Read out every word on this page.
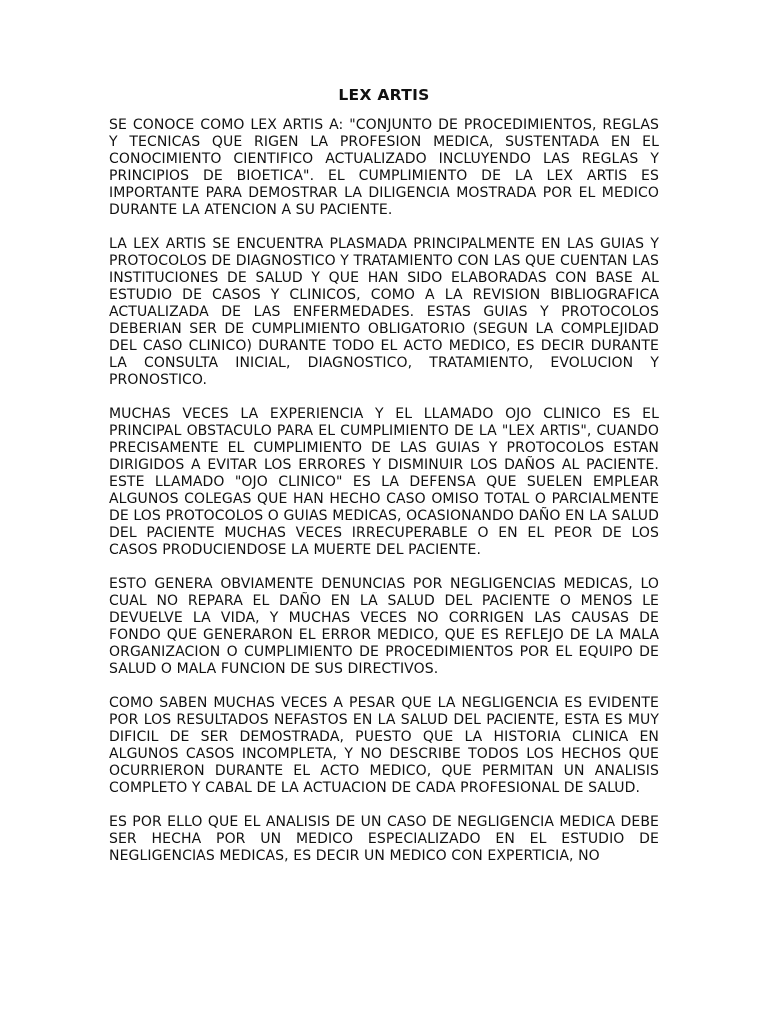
LEX ARTIS

SE CONOCE COMO LEX ARTIS A: "CONJUNTO DE PROCEDIMIENTOS, REGLAS Y TECNICAS QUE RIGEN LA PROFESION MEDICA, SUSTENTADA EN EL CONOCIMIENTO CIENTIFICO ACTUALIZADO INCLUYENDO LAS REGLAS Y PRINCIPIOS DE BIOETICA". EL CUMPLIMIENTO DE LA LEX ARTIS ES IMPORTANTE PARA DEMOSTRAR LA DILIGENCIA MOSTRADA POR EL MEDICO DURANTE LA ATENCION A SU PACIENTE.

LA LEX ARTIS SE ENCUENTRA PLASMADA PRINCIPALMENTE EN LAS GUIAS Y PROTOCOLOS DE DIAGNOSTICO Y TRATAMIENTO CON LAS QUE CUENTAN LAS INSTITUCIONES DE SALUD Y QUE HAN SIDO ELABORADAS CON BASE AL ESTUDIO DE CASOS Y CLINICOS, COMO A LA REVISION BIBLIOGRAFICA ACTUALIZADA DE LAS ENFERMEDADES. ESTAS GUIAS Y PROTOCOLOS DEBERIAN SER DE CUMPLIMIENTO OBLIGATORIO (SEGUN LA COMPLEJIDAD DEL CASO CLINICO) DURANTE TODO EL ACTO MEDICO, ES DECIR DURANTE LA CONSULTA INICIAL, DIAGNOSTICO, TRATAMIENTO, EVOLUCION Y PRONOSTICO.

MUCHAS VECES LA EXPERIENCIA Y EL LLAMADO OJO CLINICO ES EL PRINCIPAL OBSTACULO PARA EL CUMPLIMIENTO DE LA "LEX ARTIS", CUANDO PRECISAMENTE EL CUMPLIMIENTO DE LAS GUIAS Y PROTOCOLOS ESTAN DIRIGIDOS A EVITAR LOS ERRORES Y DISMINUIR LOS DAÑOS AL PACIENTE. ESTE LLAMADO "OJO CLINICO" ES LA DEFENSA QUE SUELEN EMPLEAR ALGUNOS COLEGAS QUE HAN HECHO CASO OMISO TOTAL O PARCIALMENTE DE LOS PROTOCOLOS O GUIAS MEDICAS, OCASIONANDO DAÑO EN LA SALUD DEL PACIENTE MUCHAS VECES IRRECUPERABLE O EN EL PEOR DE LOS CASOS PRODUCIENDOSE LA MUERTE DEL PACIENTE.

ESTO GENERA OBVIAMENTE DENUNCIAS POR NEGLIGENCIAS MEDICAS, LO CUAL NO REPARA EL DAÑO EN LA SALUD DEL PACIENTE O MENOS LE DEVUELVE LA VIDA, Y MUCHAS VECES NO CORRIGEN LAS CAUSAS DE FONDO QUE GENERARON EL ERROR MEDICO, QUE ES REFLEJO DE LA MALA ORGANIZACION O CUMPLIMIENTO DE PROCEDIMIENTOS POR EL EQUIPO DE SALUD O MALA FUNCION DE SUS DIRECTIVOS.

COMO SABEN MUCHAS VECES A PESAR QUE LA NEGLIGENCIA ES EVIDENTE POR LOS RESULTADOS NEFASTOS EN LA SALUD DEL PACIENTE, ESTA ES MUY DIFICIL DE SER DEMOSTRADA, PUESTO QUE LA HISTORIA CLINICA EN ALGUNOS CASOS INCOMPLETA, Y NO DESCRIBE TODOS LOS HECHOS QUE OCURRIERON DURANTE EL ACTO MEDICO, QUE PERMITAN UN ANALISIS COMPLETO Y CABAL DE LA ACTUACION DE CADA PROFESIONAL DE SALUD.

ES POR ELLO QUE EL ANALISIS DE UN CASO DE NEGLIGENCIA MEDICA DEBE SER HECHA POR UN MEDICO ESPECIALIZADO EN EL ESTUDIO DE NEGLIGENCIAS MEDICAS, ES DECIR UN MEDICO CON EXPERTICIA, NO
